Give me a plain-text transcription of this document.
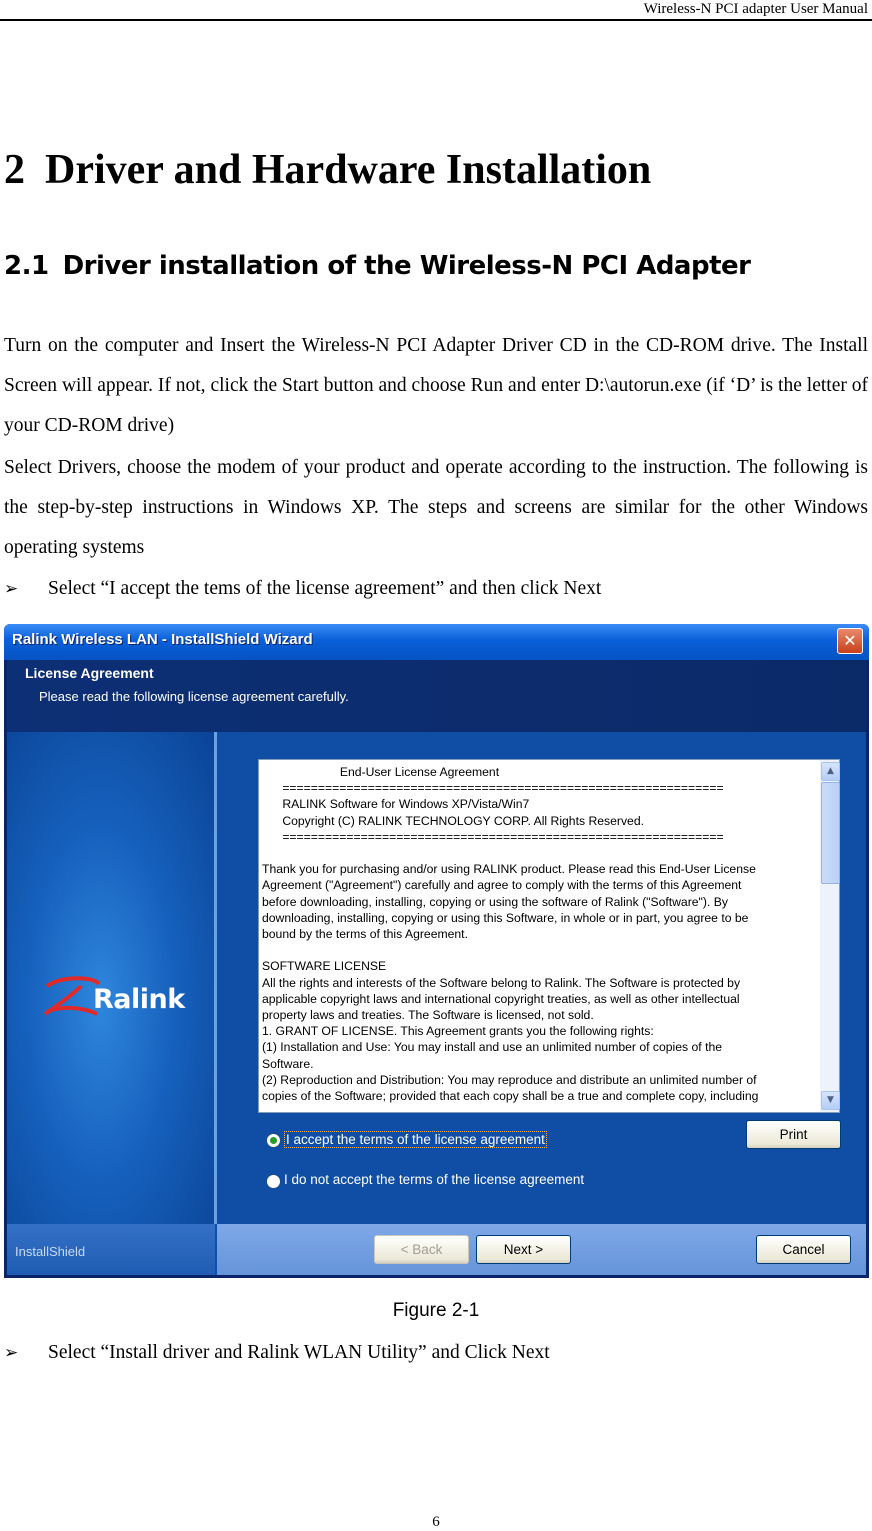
Wireless-N PCI adapter User Manual
2 Driver and Hardware Installation
2.1 Driver installation of the Wireless-N PCI Adapter
Turn on the computer and Insert the Wireless-N PCI Adapter Driver CD in the CD-ROM drive. The Install Screen will appear. If not, click the Start button and choose Run and enter D:\autorun.exe (if ‘D’ is the letter of your CD-ROM drive)
Select Drivers, choose the modem of your product and operate according to the instruction. The following is the step-by-step instructions in Windows XP. The steps and screens are similar for the other Windows operating systems
➢ Select “I accept the tems of the license agreement” and then click Next
Ralink Wireless LAN - InstallShield Wizard	✕
License Agreement
Please read the following license agreement carefully.
Ralink
End-User License Agreement
==============================================================
RALINK Software for Windows XP/Vista/Win7
Copyright (C) RALINK TECHNOLOGY CORP. All Rights Reserved.
==============================================================

Thank you for purchasing and/or using RALINK product. Please read this End-User License
Agreement ("Agreement") carefully and agree to comply with the terms of this Agreement
before downloading, installing, copying or using the software of Ralink ("Software"). By
downloading, installing, copying or using this Software, in whole or in part, you agree to be
bound by the terms of this Agreement.

SOFTWARE LICENSE
All the rights and interests of the Software belong to Ralink. The Software is protected by
applicable copyright laws and international copyright treaties, as well as other intellectual
property laws and treaties. The Software is licensed, not sold.
1. GRANT OF LICENSE. This Agreement grants you the following rights:
(1) Installation and Use: You may install and use an unlimited number of copies of the
Software.
(2) Reproduction and Distribution: You may reproduce and distribute an unlimited number of
copies of the Software; provided that each copy shall be a true and complete copy, including
▲
▼
I accept the terms of the license agreement
I do not accept the terms of the license agreement
Print
InstallShield	< Back	Next >	Cancel
Figure 2-1
➢ Select “Install driver and Ralink WLAN Utility” and Click Next
6
